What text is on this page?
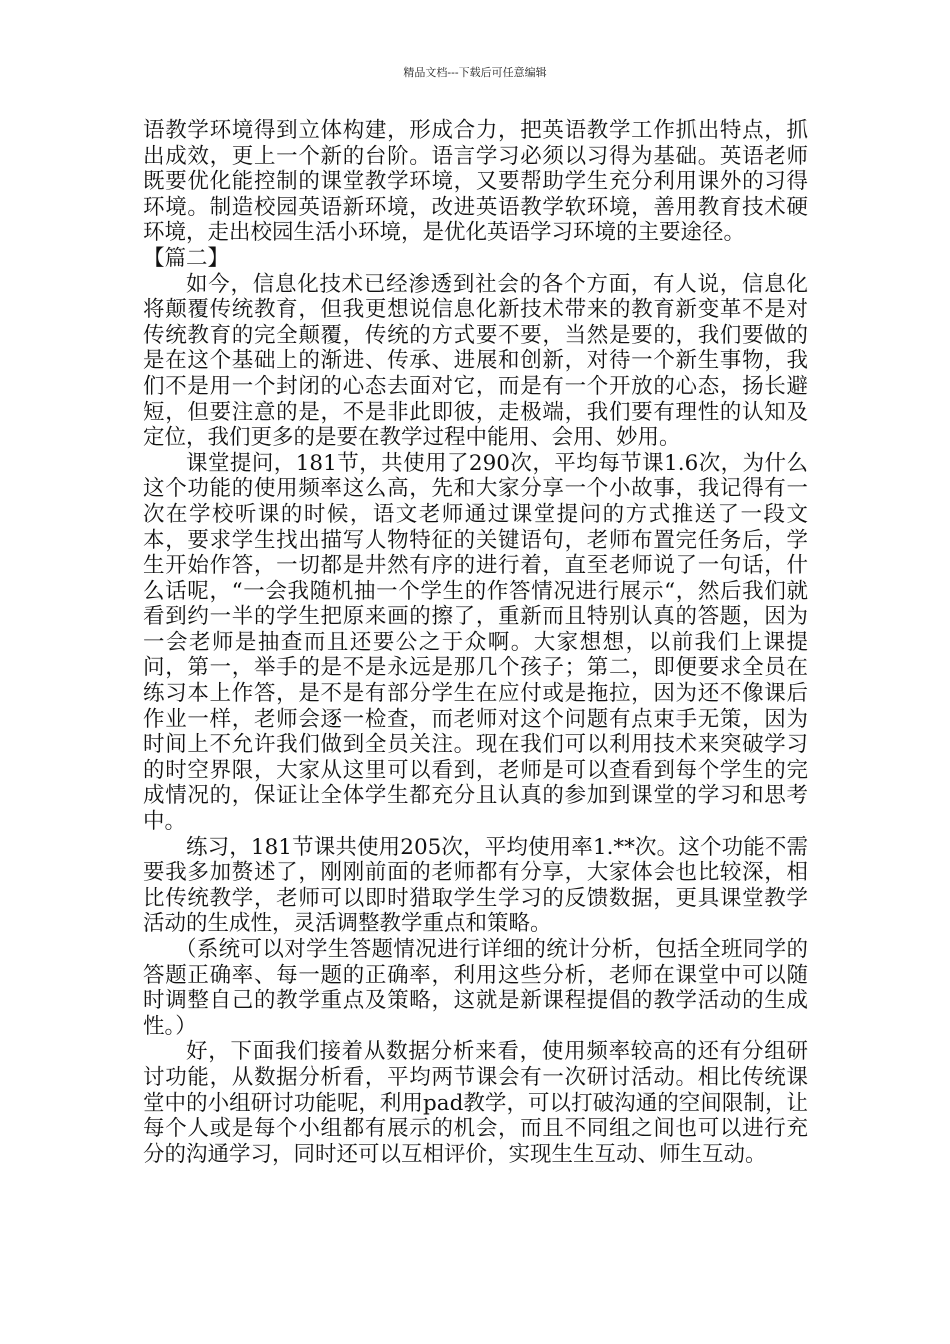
精品文档---下载后可任意编辑

语教学环境得到立体构建，形成合力，把英语教学工作抓出特点，抓出成效，更上一个新的台阶。语言学习必须以习得为基础。英语老师既要优化能控制的课堂教学环境，又要帮助学生充分利用课外的习得环境。制造校园英语新环境，改进英语教学软环境，善用教育技术硬环境，走出校园生活小环境，是优化英语学习环境的主要途径。

【篇二】

如今，信息化技术已经渗透到社会的各个方面，有人说，信息化将颠覆传统教育，但我更想说信息化新技术带来的教育新变革不是对传统教育的完全颠覆，传统的方式要不要，当然是要的，我们要做的是在这个基础上的渐进、传承、进展和创新，对待一个新生事物，我们不是用一个封闭的心态去面对它，而是有一个开放的心态，扬长避短，但要注意的是，不是非此即彼，走极端，我们要有理性的认知及定位，我们更多的是要在教学过程中能用、会用、妙用。

课堂提问，181节，共使用了290次，平均每节课1.6次，为什么这个功能的使用频率这么高，先和大家分享一个小故事，我记得有一次在学校听课的时候，语文老师通过课堂提问的方式推送了一段文本，要求学生找出描写人物特征的关键语句，老师布置完任务后，学生开始作答，一切都是井然有序的进行着，直至老师说了一句话，什么话呢，“一会我随机抽一个学生的作答情况进行展示“，然后我们就看到约一半的学生把原来画的擦了，重新而且特别认真的答题，因为一会老师是抽查而且还要公之于众啊。大家想想，以前我们上课提问，第一，举手的是不是永远是那几个孩子；第二，即便要求全员在练习本上作答，是不是有部分学生在应付或是拖拉，因为还不像课后作业一样，老师会逐一检查，而老师对这个问题有点束手无策，因为时间上不允许我们做到全员关注。现在我们可以利用技术来突破学习的时空界限，大家从这里可以看到，老师是可以查看到每个学生的完成情况的，保证让全体学生都充分且认真的参加到课堂的学习和思考中。

练习，181节课共使用205次，平均使用率1.**次。这个功能不需要我多加赘述了，刚刚前面的老师都有分享，大家体会也比较深，相比传统教学，老师可以即时猎取学生学习的反馈数据，更具课堂教学活动的生成性，灵活调整教学重点和策略。

（系统可以对学生答题情况进行详细的统计分析，包括全班同学的答题正确率、每一题的正确率，利用这些分析，老师在课堂中可以随时调整自己的教学重点及策略，这就是新课程提倡的教学活动的生成性。）

好，下面我们接着从数据分析来看，使用频率较高的还有分组研讨功能，从数据分析看，平均两节课会有一次研讨活动。相比传统课堂中的小组研讨功能呢，利用pad教学，可以打破沟通的空间限制，让每个人或是每个小组都有展示的机会，而且不同组之间也可以进行充分的沟通学习，同时还可以互相评价，实现生生互动、师生互动。
